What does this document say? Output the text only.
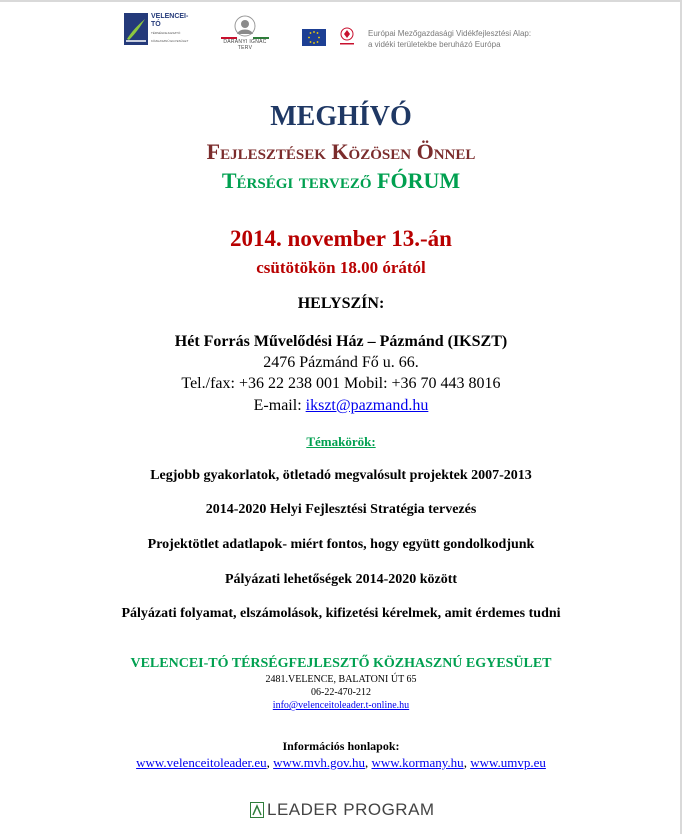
VELENCEI-TÓ
TÉRSÉGFEJLESZTŐ KÖZHASZNÚ EGYESÜLET	DARÁNYI IGNÁC TERV
Európai Mezőgazdasági Vidékfejlesztési Alap:
a vidéki területekbe beruházó Európa
MEGHÍVÓ
Fejlesztések Közösen Önnel
Térségi tervező FÓRUM
2014. november 13.-án
csütötökön 18.00 órától
HELYSZÍN:
Hét Forrás Művelődési Ház – Pázmánd (IKSZT)
2476 Pázmánd Fő u. 66.
Tel./fax: +36 22 238 001 Mobil: +36 70 443 8016
E-mail: ikszt@pazmand.hu
Témakörök:
Legjobb gyakorlatok, ötletadó megvalósult projektek 2007-2013
2014-2020 Helyi Fejlesztési Stratégia tervezés
Projektötlet adatlapok- miért fontos, hogy együtt gondolkodjunk
Pályázati lehetőségek 2014-2020 között
Pályázati folyamat, elszámolások, kifizetési kérelmek, amit érdemes tudni
VELENCEI-TÓ TÉRSÉGFEJLESZTŐ KÖZHASZNÚ EGYESÜLET
2481.VELENCE, BALATONI ÚT 65
06-22-470-212
info@velenceitoleader.t-online.hu
Információs honlapok:
www.velenceitoleader.eu, www.mvh.gov.hu, www.kormany.hu, www.umvp.eu
LEADER PROGRAM
